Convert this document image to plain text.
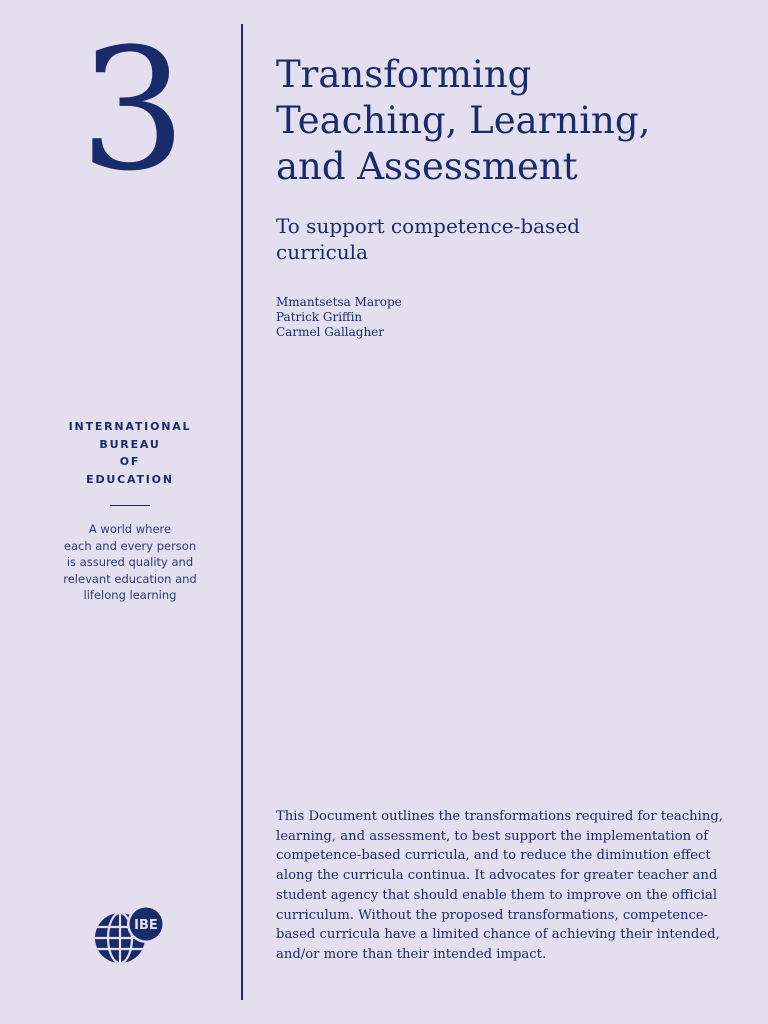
3 Transforming
Teaching, Learning,
and Assessment
To support competence-based
curricula
Mmantsetsa Marope
Patrick Griffin
Carmel Gallagher
INTERNATIONAL
BUREAU
OF
EDUCATION
A world where
each and every person
is assured quality and
relevant education and
lifelong learning
This Document outlines the transformations required for teaching,
learning, and assessment, to best support the implementation of
competence-based curricula, and to reduce the diminution effect
along the curricula continua. It advocates for greater teacher and
student agency that should enable them to improve on the official
curriculum. Without the proposed transformations, competence-
based curricula have a limited chance of achieving their intended,
and/or more than their intended impact.
IBE
